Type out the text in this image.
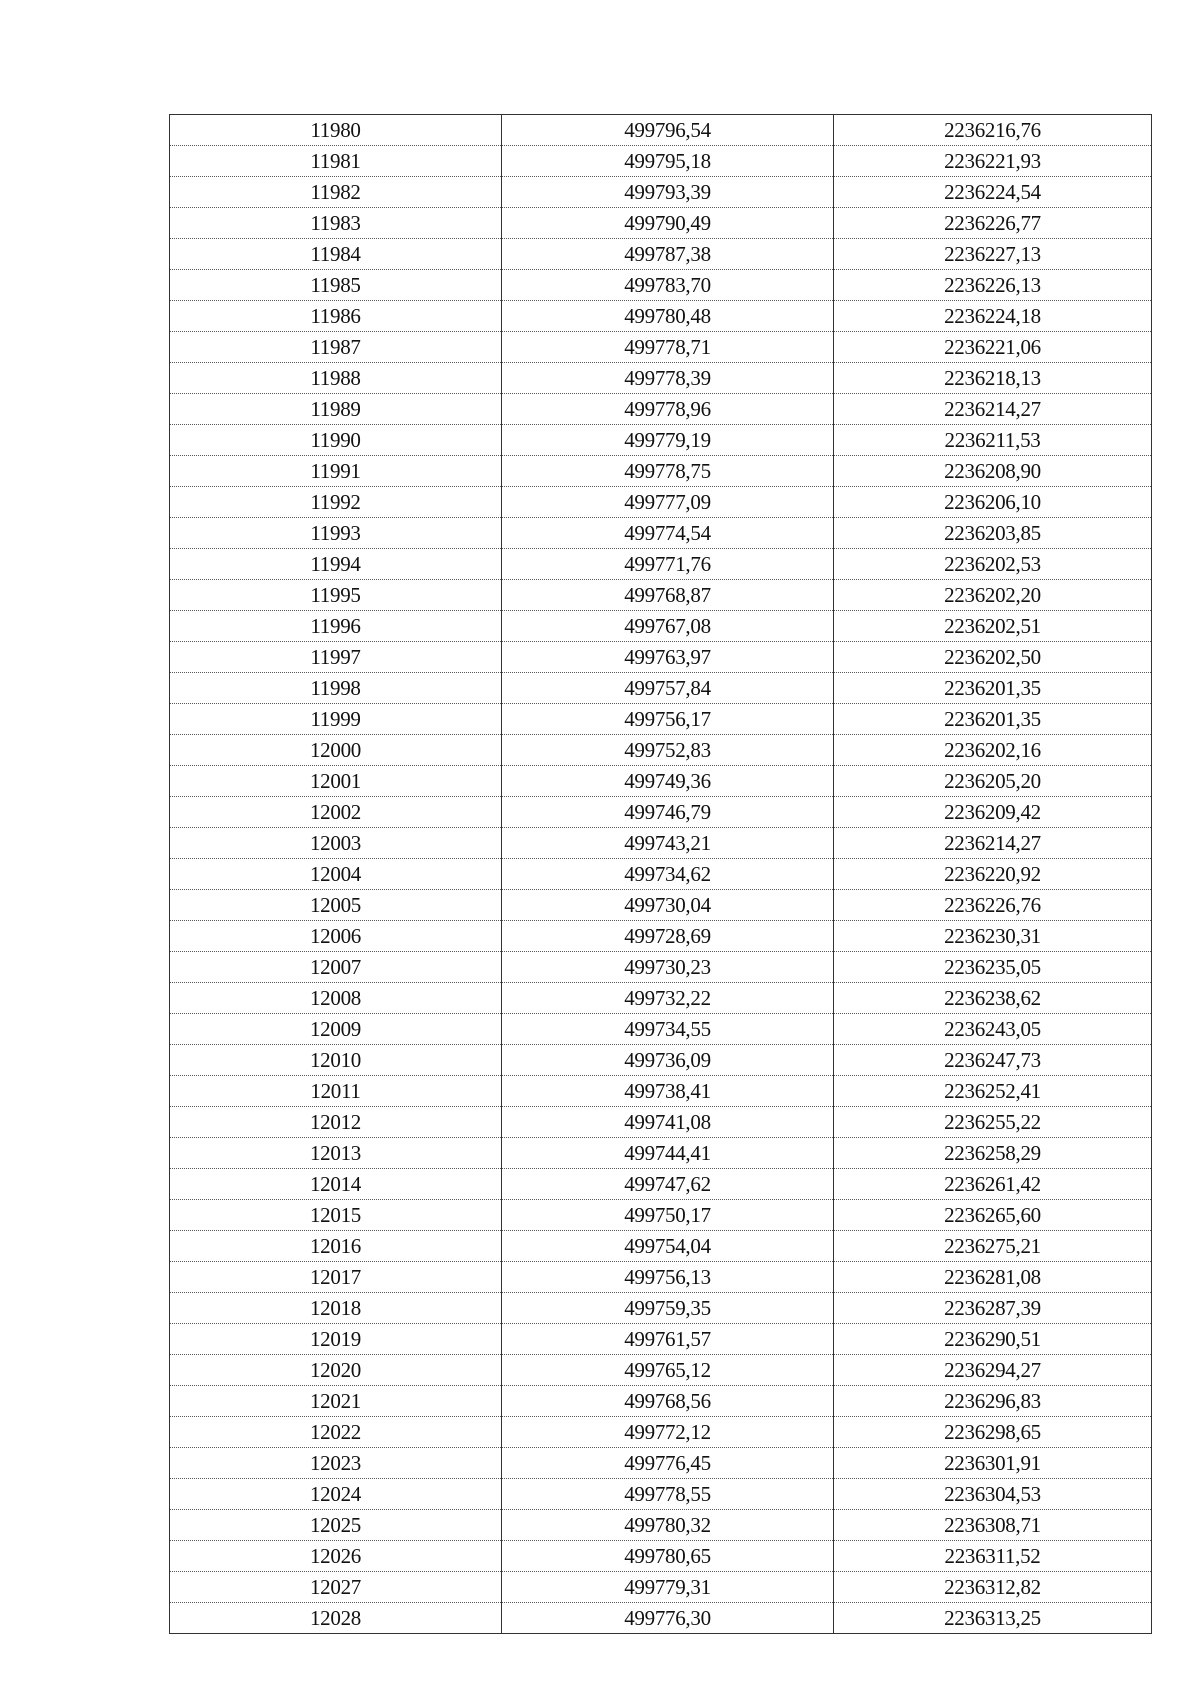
11980	499796,54	2236216,76
11981	499795,18	2236221,93
11982	499793,39	2236224,54
11983	499790,49	2236226,77
11984	499787,38	2236227,13
11985	499783,70	2236226,13
11986	499780,48	2236224,18
11987	499778,71	2236221,06
11988	499778,39	2236218,13
11989	499778,96	2236214,27
11990	499779,19	2236211,53
11991	499778,75	2236208,90
11992	499777,09	2236206,10
11993	499774,54	2236203,85
11994	499771,76	2236202,53
11995	499768,87	2236202,20
11996	499767,08	2236202,51
11997	499763,97	2236202,50
11998	499757,84	2236201,35
11999	499756,17	2236201,35
12000	499752,83	2236202,16
12001	499749,36	2236205,20
12002	499746,79	2236209,42
12003	499743,21	2236214,27
12004	499734,62	2236220,92
12005	499730,04	2236226,76
12006	499728,69	2236230,31
12007	499730,23	2236235,05
12008	499732,22	2236238,62
12009	499734,55	2236243,05
12010	499736,09	2236247,73
12011	499738,41	2236252,41
12012	499741,08	2236255,22
12013	499744,41	2236258,29
12014	499747,62	2236261,42
12015	499750,17	2236265,60
12016	499754,04	2236275,21
12017	499756,13	2236281,08
12018	499759,35	2236287,39
12019	499761,57	2236290,51
12020	499765,12	2236294,27
12021	499768,56	2236296,83
12022	499772,12	2236298,65
12023	499776,45	2236301,91
12024	499778,55	2236304,53
12025	499780,32	2236308,71
12026	499780,65	2236311,52
12027	499779,31	2236312,82
12028	499776,30	2236313,25
